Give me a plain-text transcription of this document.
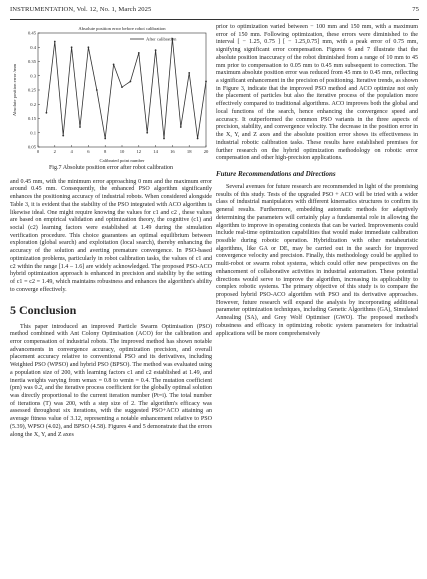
INSTRUMENTATION, Vol. 12, No. 1, March 2025	75
Absolute position error before robot calibration
Calibrated point number
Absolute position error /mm
0	2	4	6	8	10	12	14	16	18	20
0.05
0.1
0.15
0.2
0.25
0.3
0.35
0.4
0.45
After calibration
Fig.7 Absolute position error after robot calibration

and 0.45 mm, with the minimum error approaching 0 mm and the maximum error around 0.45 mm. Consequently, the enhanced PSO algorithm significantly enhances the positioning accuracy of industrial robots. When considered alongside Table 3, it is evident that the stability of the PSO integrated with ACO algorithm is likewise ideal. One might require knowing the values for c1 and c2 , these values are based on empirical validation and optimization theory, the cognitive (c1) and social (c2) learning factors were established at 1.49 during the simulation verification procedure. This choice guarantees an optimal equilibrium between exploration (global search) and exploitation (local search), thereby enhancing the accuracy of the solution and averting premature convergence. In PSO-based optimization problems, particularly in robot calibration tasks, the values of c1 and c2 within the range [1.4 – 1.6] are widely acknowledged. The proposed PSO-ACO hybrid optimization approach is enhanced in precision and stability by the setting of c1 = c2 = 1.49, which maintains robustness and enhances the algorithm's ability to converge effectively.

5 Conclusion

This paper introduced an improved Particle Swarm Optimisation (PSO) method combined with Ant Colony Optimisation (ACO) for the calibration and error compensation of industrial robots. The improved method has shown notable advancements in convergence accuracy, optimization precision, and overall placement accuracy relative to conventional PSO and its derivatives, including Weighted PSO (WPSO) and hybrid PSO (BPSO). The method was evaluated using a population size of 200, with learning factors c1 and c2 established at 1.49, and inertia weights varying from wmax = 0.8 to wmin = 0.4. The mutation coefficient (pm) was 0.2, and the iterative process coefficient for the globally optimal solution was directly proportional to the current iteration number (Pt=i). The total number of iterations (T) was 200, with a step size of 2. The algorithm's efficacy was assessed throughout six iterations, with the suggested PSO+ACO attaining an average fitness value of 3.12, representing a notable enhancement relative to PSO (5.39), WPSO (4.02), and BPSO (4.58). Figures 4 and 5 demonstrate that the errors along the X, Y, and Z axes

prior to optimization varied between − 100 mm and 150 mm, with a maximum error of 150 mm. Following optimization, these errors were diminished to the interval [ − 1.25, 0.75 ] [ − 1.25,0.75] mm, with a peak error of 0.75 mm, signifying significant error compensation. Figures 6 and 7 illustrate that the absolute position inaccuracy of the robot diminished from a range of 10 mm to 45 mm prior to compensation to 0.05 mm to 0.45 mm subsequent to correction. The maximum absolute position error was reduced from 45 mm to 0.45 mm, reflecting a significant enhancement in the precision of positioning. Iterative trends, as shown in Figure 3, indicate that the improved PSO method and ACO optimize not only the placement of particles but also the iterative process of the population more effectively compared to traditional algorithms. ACO improves both the global and local functions of the search, hence enhancing the convergence speed and accuracy. It outperformed the common PSO variants in the three aspects of precision, stability, and convergence velocity. The decrease in the position error in the X, Y, and Z axes and the absolute position error shows its effectiveness in industrial robotic calibration tasks. These results have established premises for further research on the hybrid optimization methodology on robotic error compensation and other high-precision applications.

Future Recommendations and Directions

Several avenues for future research are recommended in light of the promising results of this study. Tests of the upgraded PSO + ACO will be tried with a wider class of industrial manipulators with different kinematics structures to confirm its general results. Furthermore, embedding automatic methods for adaptively determining the parameters will certainly play a fundamental role in allowing the algorithm to improve in operating contexts that can be varied. Improvements could include real-time optimization capabilities that would make immediate calibration possible during robotic operation. Hybridization with other metaheuristic algorithms, like GA or DE, may be carried out in the search for improved convergence velocity and precision. Finally, this methodology could be applied to multi-robot or swarm robot systems, which could offer new perspectives on the enhancement of collaborative activities in industrial automation. These potential directions would serve to improve the algorithm, increasing its applicability to complex robotic systems. The primary objective of this study is to compare the proposed hybrid PSO-ACO algorithm with PSO and its derivative approaches. However, future research will expand the analysis by incorporating additional parameter optimization techniques, including Genetic Algorithms (GA), Simulated Annealing (SA), and Grey Wolf Optimiser (GWO). The proposed method's robustness and efficacy in optimizing robotic system parameters for industrial applications will be more comprehensively
